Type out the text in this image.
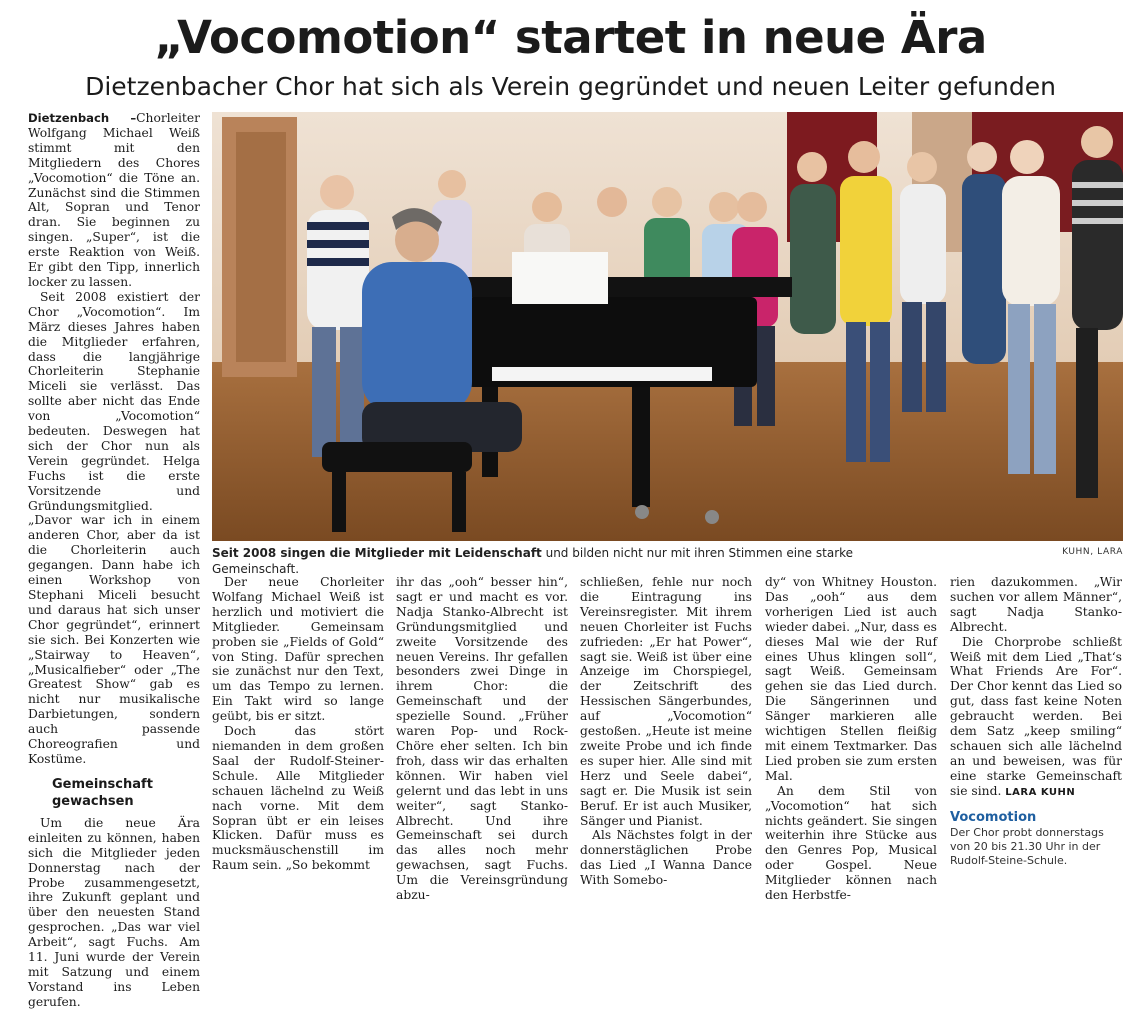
„Vocomotion“ startet in neue Ära
Dietzenbacher Chor hat sich als Verein gegründet und neuen Leiter gefunden

Dietzenbach –Chorleiter Wolfgang Michael Weiß stimmt mit den Mitgliedern des Chores „Vocomotion“ die Töne an. Zunächst sind die Stimmen Alt, Sopran und Tenor dran. Sie beginnen zu singen. „Super“, ist die erste Reaktion von Weiß. Er gibt den Tipp, innerlich locker zu lassen.

Seit 2008 existiert der Chor „Vocomotion“. Im März dieses Jahres haben die Mitglieder erfahren, dass die langjährige Chorleiterin Stephanie Miceli sie verlässt. Das sollte aber nicht das Ende von „Vocomotion“ bedeuten. Deswegen hat sich der Chor nun als Verein gegründet. Helga Fuchs ist die erste Vorsitzende und Gründungsmitglied. „Davor war ich in einem anderen Chor, aber da ist die Chorleiterin auch gegangen. Dann habe ich einen Workshop von Stephani Miceli besucht und daraus hat sich unser Chor gegründet“, erinnert sie sich. Bei Konzerten wie „Stairway to Heaven“, „Musicalfieber“ oder „The Greatest Show“ gab es nicht nur musikalische Darbietungen, sondern auch passende Choreografien und Kostüme.

Gemeinschaft gewachsen

Um die neue Ära einleiten zu können, haben sich die Mitglieder jeden Donnerstag nach der Probe zusammengesetzt, ihre Zukunft geplant und über den neuesten Stand gesprochen. „Das war viel Arbeit“, sagt Fuchs. Am 11. Juni wurde der Verein mit Satzung und einem Vorstand ins Leben gerufen.

Seit 2008 singen die Mitglieder mit Leidenschaft und bilden nicht nur mit ihren Stimmen eine starke Gemeinschaft.
KUHN, LARA

Der neue Chorleiter Wolfang Michael Weiß ist herzlich und motiviert die Mitglieder. Gemeinsam proben sie „Fields of Gold“ von Sting. Dafür sprechen sie zunächst nur den Text, um das Tempo zu lernen. Ein Takt wird so lange geübt, bis er sitzt.

Doch das stört niemanden in dem großen Saal der Rudolf-Steiner-Schule. Alle Mitglieder schauen lächelnd zu Weiß nach vorne. Mit dem Sopran übt er ein leises Klicken. Dafür muss es mucksmäuschenstill im Raum sein. „So bekommt

ihr das „ooh“ besser hin“, sagt er und macht es vor. Nadja Stanko-Albrecht ist Gründungsmitglied und zweite Vorsitzende des neuen Vereins. Ihr gefallen besonders zwei Dinge in ihrem Chor: die Gemeinschaft und der spezielle Sound. „Früher waren Pop- und Rock-Chöre eher selten. Ich bin froh, dass wir das erhalten können. Wir haben viel gelernt und das lebt in uns weiter“, sagt Stanko-Albrecht. Und ihre Gemeinschaft sei durch das alles noch mehr gewachsen, sagt Fuchs. Um die Vereinsgründung abzu-

schließen, fehle nur noch die Eintragung ins Vereinsregister. Mit ihrem neuen Chorleiter ist Fuchs zufrieden: „Er hat Power“, sagt sie. Weiß ist über eine Anzeige im Chorspiegel, der Zeitschrift des Hessischen Sängerbundes, auf „Vocomotion“ gestoßen. „Heute ist meine zweite Probe und ich finde es super hier. Alle sind mit Herz und Seele dabei“, sagt er. Die Musik ist sein Beruf. Er ist auch Musiker, Sänger und Pianist.

Als Nächstes folgt in der donnerstäglichen Probe das Lied „I Wanna Dance With Somebo-

dy“ von Whitney Houston. Das „ooh“ aus dem vorherigen Lied ist auch wieder dabei. „Nur, dass es dieses Mal wie der Ruf eines Uhus klingen soll“, sagt Weiß. Gemeinsam gehen sie das Lied durch. Die Sängerinnen und Sänger markieren alle wichtigen Stellen fleißig mit einem Textmarker. Das Lied proben sie zum ersten Mal.

An dem Stil von „Vocomotion“ hat sich nichts geändert. Sie singen weiterhin ihre Stücke aus den Genres Pop, Musical oder Gospel. Neue Mitglieder können nach den Herbstfe-

rien dazukommen. „Wir suchen vor allem Männer“, sagt Nadja Stanko-Albrecht.

Die Chorprobe schließt Weiß mit dem Lied „That‘s What Friends Are For“. Der Chor kennt das Lied so gut, dass fast keine Noten gebraucht werden. Bei dem Satz „keep smiling“ schauen sich alle lächelnd an und beweisen, was für eine starke Gemeinschaft sie sind. LARA KUHN

Vocomotion

Der Chor probt donnerstags von 20 bis 21.30 Uhr in der Rudolf-Steine-Schule.
